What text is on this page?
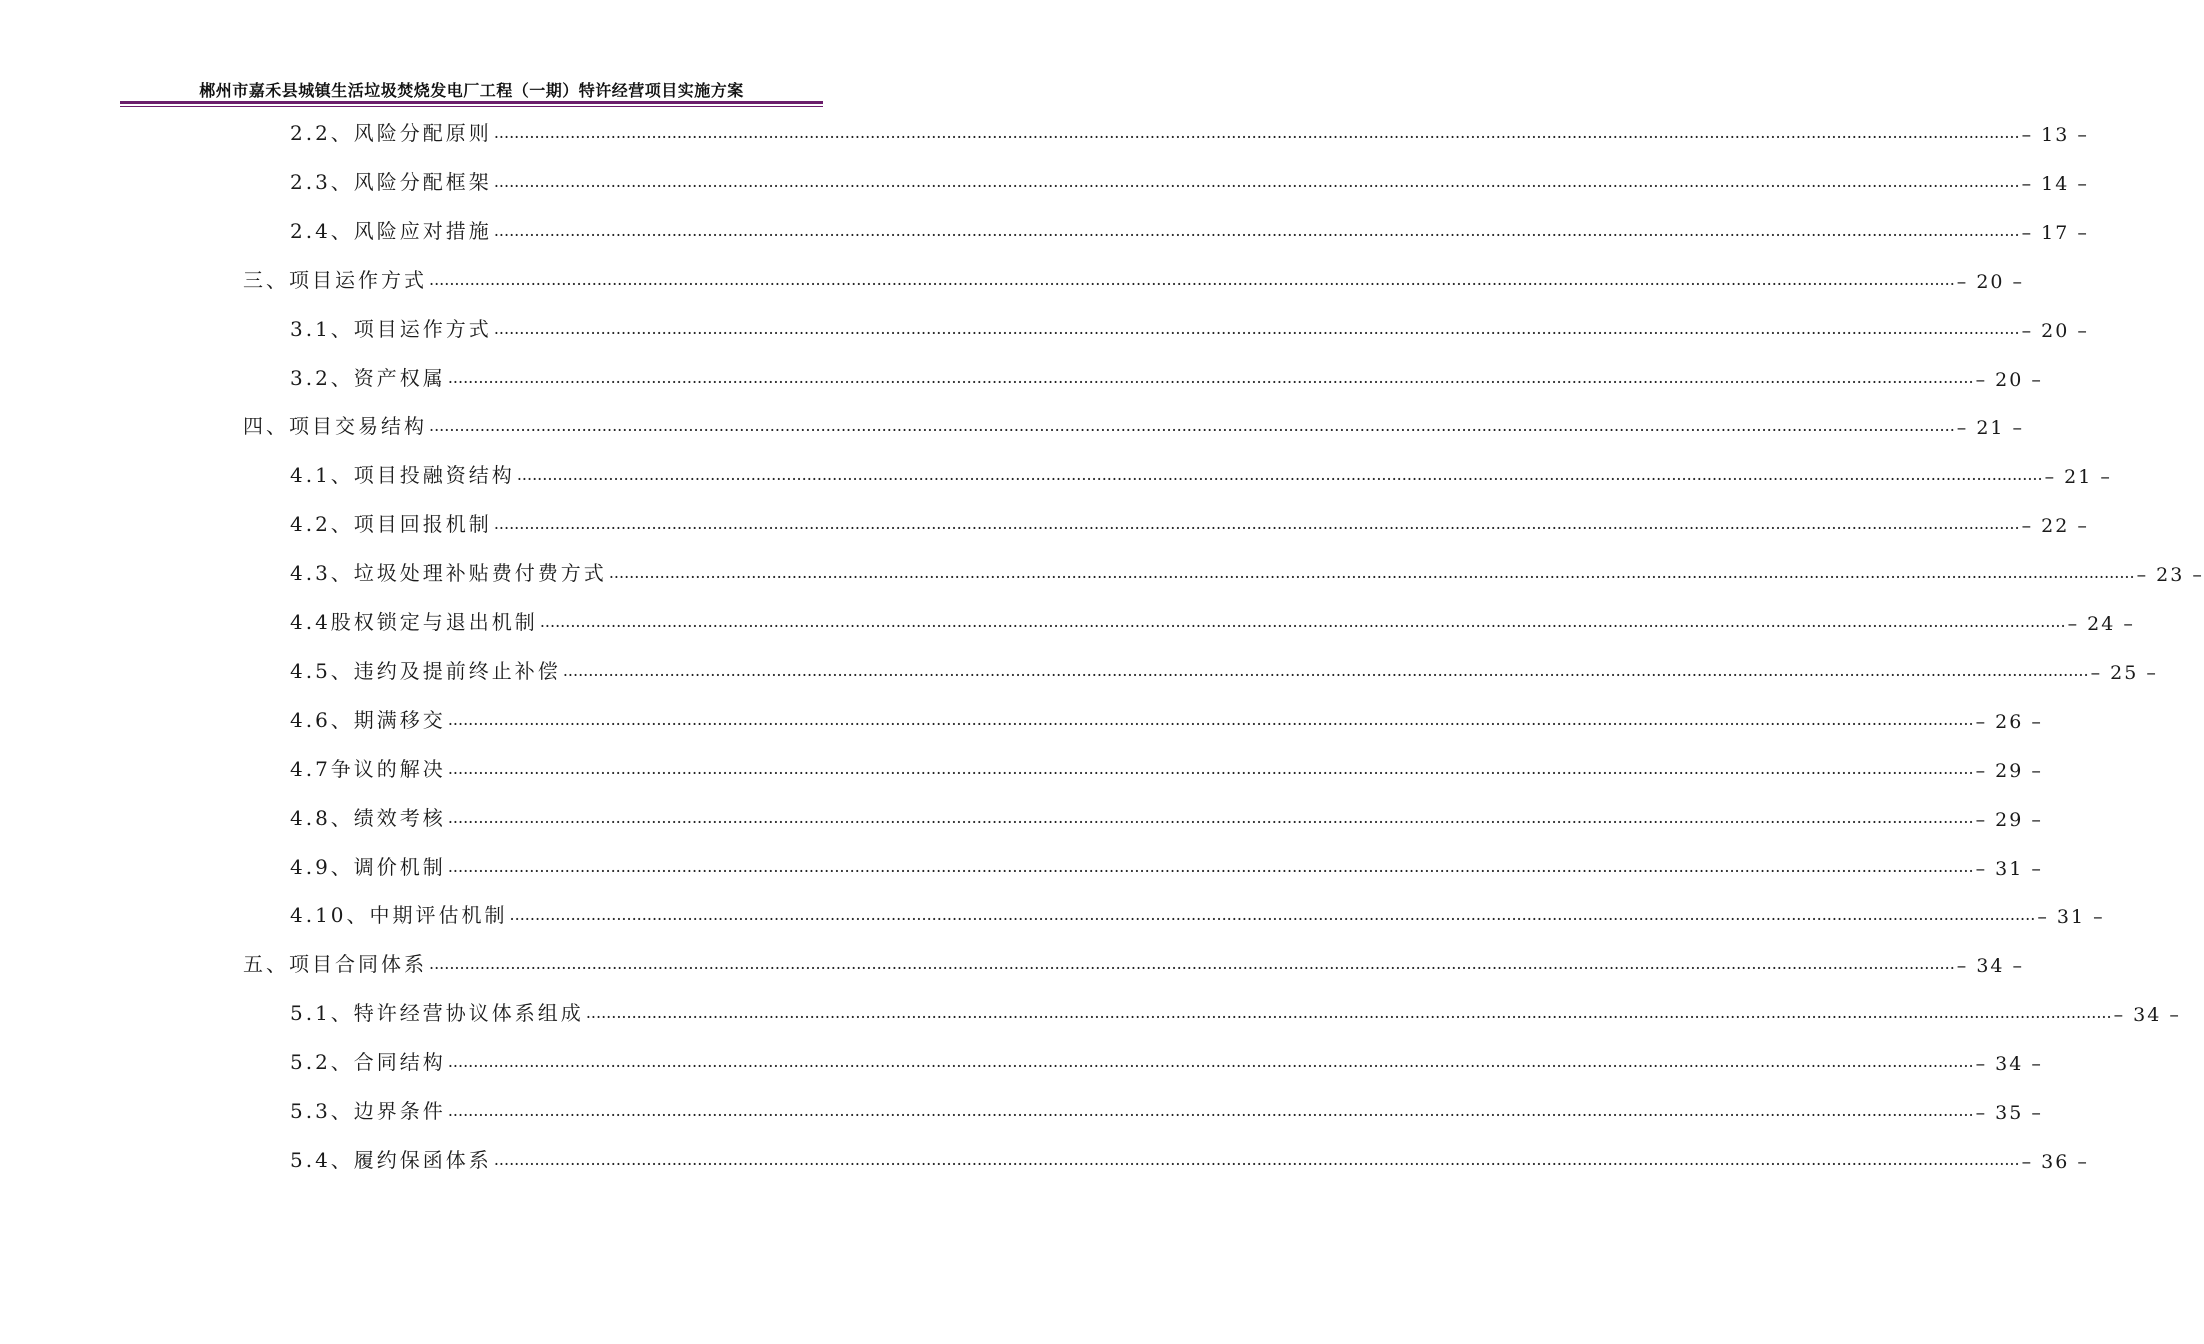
郴州市嘉禾县城镇生活垃圾焚烧发电厂工程（一期）特许经营项目实施方案
2.2、风险分配原则 ............................................................................................................................................................................................................................................................................................................ – 13 –
2.3、风险分配框架 ............................................................................................................................................................................................................................................................................................................ – 14 –
2.4、风险应对措施 ............................................................................................................................................................................................................................................................................................................ – 17 –
三、项目运作方式 ............................................................................................................................................................................................................................................................................................................ – 20 –
3.1、项目运作方式 ............................................................................................................................................................................................................................................................................................................ – 20 –
3.2、资产权属 ............................................................................................................................................................................................................................................................................................................ – 20 –
四、项目交易结构 ............................................................................................................................................................................................................................................................................................................ – 21 –
4.1、项目投融资结构 ............................................................................................................................................................................................................................................................................................................ – 21 –
4.2、项目回报机制 ............................................................................................................................................................................................................................................................................................................ – 22 –
4.3、垃圾处理补贴费付费方式 ............................................................................................................................................................................................................................................................................................................ – 23 –
4.4股权锁定与退出机制 ............................................................................................................................................................................................................................................................................................................ – 24 –
4.5、违约及提前终止补偿 ............................................................................................................................................................................................................................................................................................................ – 25 –
4.6、期满移交 ............................................................................................................................................................................................................................................................................................................ – 26 –
4.7争议的解决 ............................................................................................................................................................................................................................................................................................................ – 29 –
4.8、绩效考核 ............................................................................................................................................................................................................................................................................................................ – 29 –
4.9、调价机制 ............................................................................................................................................................................................................................................................................................................ – 31 –
4.10、中期评估机制 ............................................................................................................................................................................................................................................................................................................ – 31 –
五、项目合同体系 ............................................................................................................................................................................................................................................................................................................ – 34 –
5.1、特许经营协议体系组成 ............................................................................................................................................................................................................................................................................................................ – 34 –
5.2、合同结构 ............................................................................................................................................................................................................................................................................................................ – 34 –
5.3、边界条件 ............................................................................................................................................................................................................................................................................................................ – 35 –
5.4、履约保函体系 ............................................................................................................................................................................................................................................................................................................ – 36 –
